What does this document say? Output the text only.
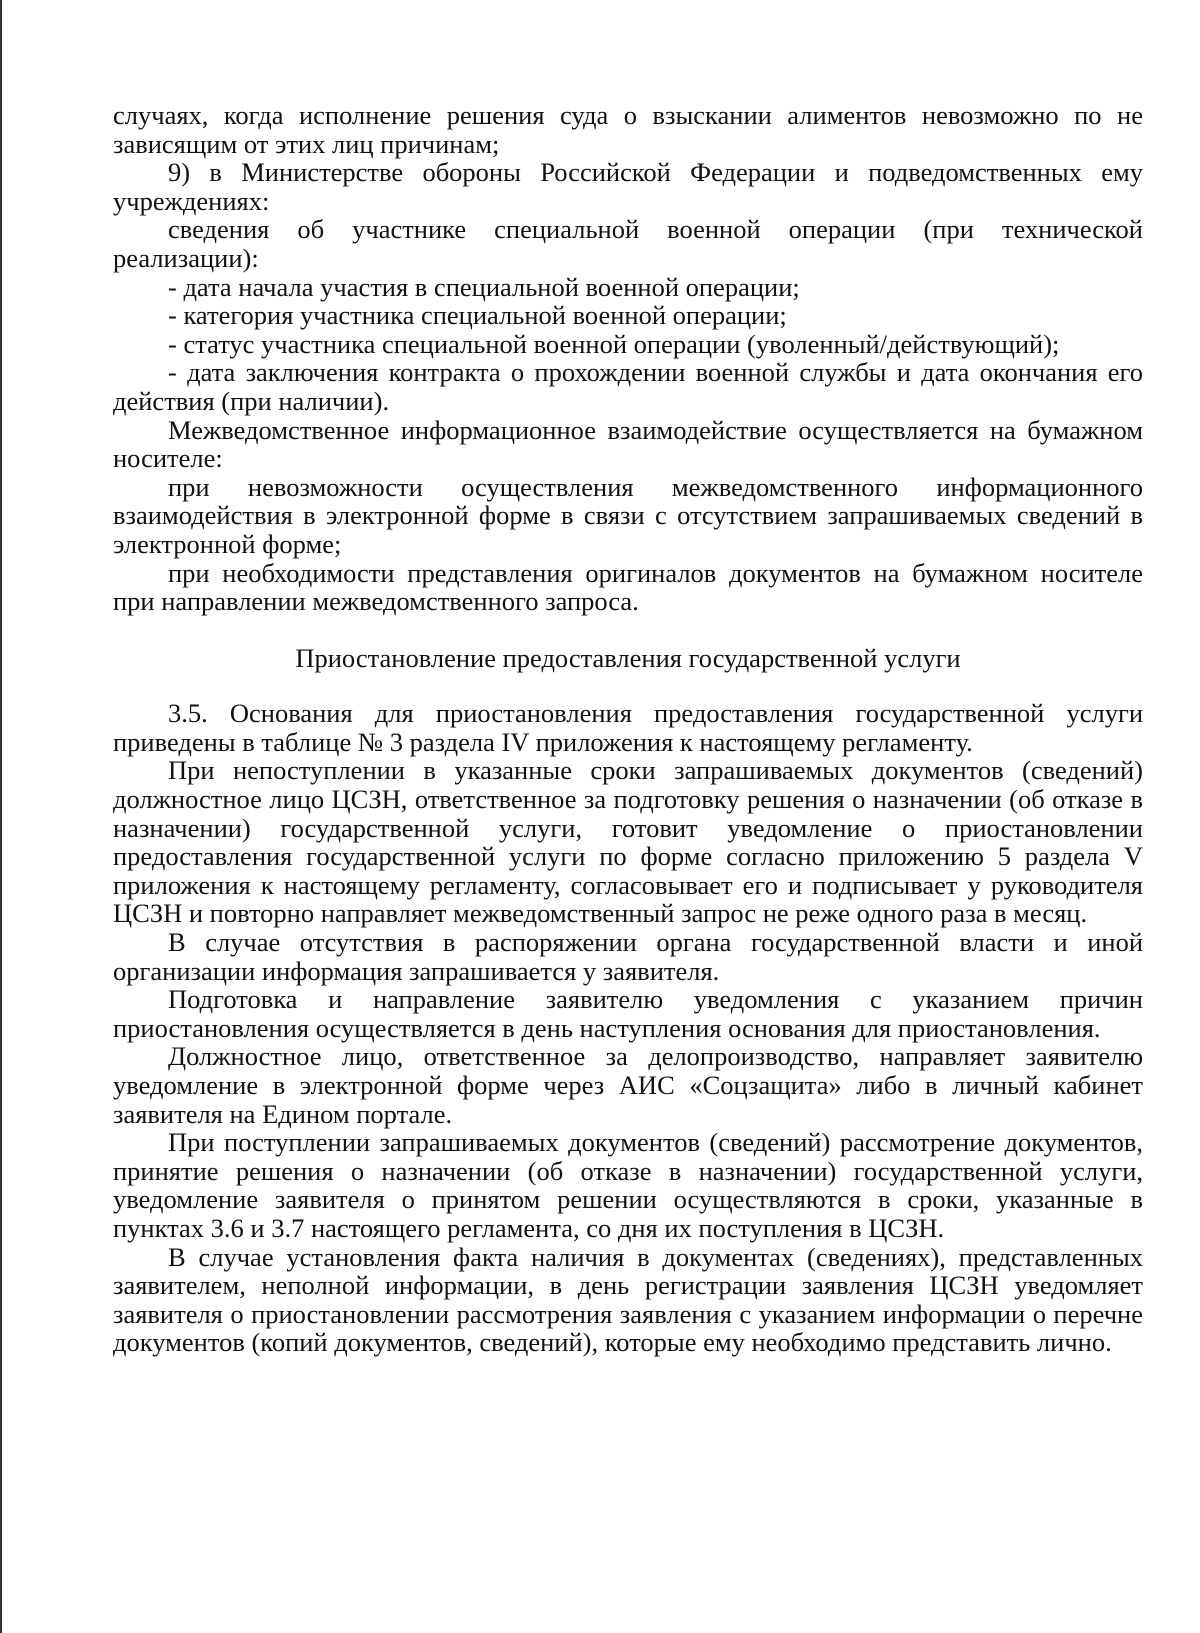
случаях, когда исполнение решения суда о взыскании алиментов невозможно по не зависящим от этих лиц причинам;

9) в Министерстве обороны Российской Федерации и подведомственных ему учреждениях:

сведения об участнике специальной военной операции (при технической реализации):

- дата начала участия в специальной военной операции;

- категория участника специальной военной операции;

- статус участника специальной военной операции (уволенный/действующий);

- дата заключения контракта о прохождении военной службы и дата окончания его действия (при наличии).

Межведомственное информационное взаимодействие осуществляется на бумажном носителе:

при невозможности осуществления межведомственного информационного взаимодействия в электронной форме в связи с отсутствием запрашиваемых сведений в электронной форме;

при необходимости представления оригиналов документов на бумажном носителе при направлении межведомственного запроса.

Приостановление предоставления государственной услуги

3.5. Основания для приостановления предоставления государственной услуги приведены в таблице № 3 раздела IV приложения к настоящему регламенту.

При непоступлении в указанные сроки запрашиваемых документов (сведений) должностное лицо ЦСЗН, ответственное за подготовку решения о назначении (об отказе в назначении) государственной услуги, готовит уведомление о приостановлении предоставления государственной услуги по форме согласно приложению 5 раздела V приложения к настоящему регламенту, согласовывает его и подписывает у руководителя ЦСЗН и повторно направляет межведомственный запрос не реже одного раза в месяц.

В случае отсутствия в распоряжении органа государственной власти и иной организации информация запрашивается у заявителя.

Подготовка и направление заявителю уведомления с указанием причин приостановления осуществляется в день наступления основания для приостановления.

Должностное лицо, ответственное за делопроизводство, направляет заявителю уведомление в электронной форме через АИС «Соцзащита» либо в личный кабинет заявителя на Едином портале.

При поступлении запрашиваемых документов (сведений) рассмотрение документов, принятие решения о назначении (об отказе в назначении) государственной услуги, уведомление заявителя о принятом решении осуществляются в сроки, указанные в пунктах 3.6 и 3.7 настоящего регламента, со дня их поступления в ЦСЗН.

В случае установления факта наличия в документах (сведениях), представленных заявителем, неполной информации, в день регистрации заявления ЦСЗН уведомляет заявителя о приостановлении рассмотрения заявления с указанием информации о перечне документов (копий документов, сведений), которые ему необходимо представить лично.
